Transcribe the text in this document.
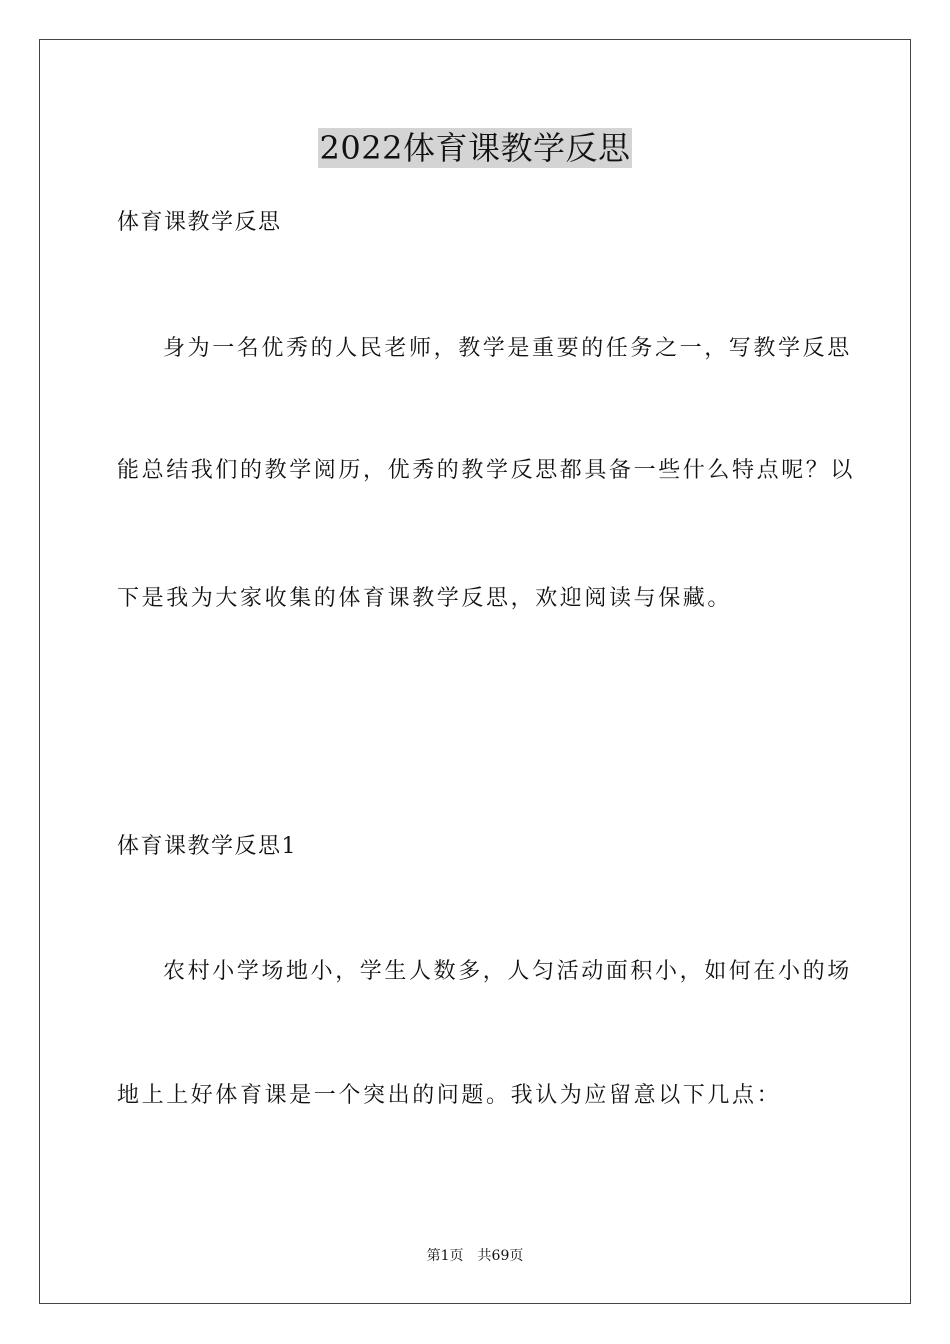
2022体育课教学反思
体育课教学反思
身为一名优秀的人民老师，教学是重要的任务之一，写教学反思
能总结我们的教学阅历，优秀的教学反思都具备一些什么特点呢？以
下是我为大家收集的体育课教学反思，欢迎阅读与保藏。
体育课教学反思1
农村小学场地小，学生人数多，人匀活动面积小，如何在小的场
地上上好体育课是一个突出的问题。我认为应留意以下几点：
第1页 共69页
